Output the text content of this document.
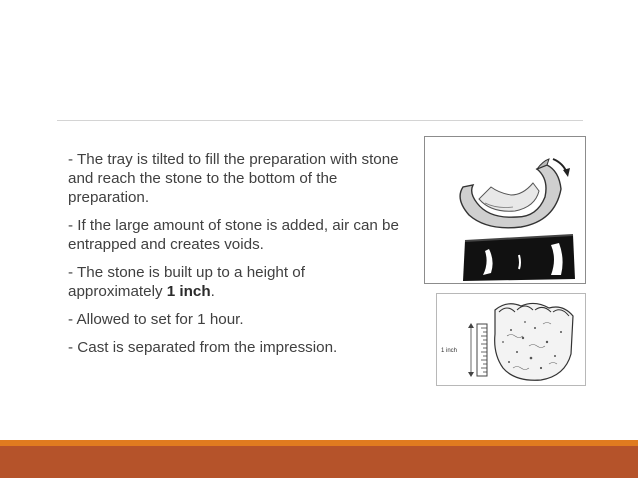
- The tray is tilted to fill the preparation with stone and reach the stone to the bottom of the preparation.
- If the large amount of stone is added, air can be entrapped and creates voids.
- The stone is built up to a height of approximately 1 inch.
- Allowed to set for 1 hour.
- Cast is separated from the impression.	1 inch
